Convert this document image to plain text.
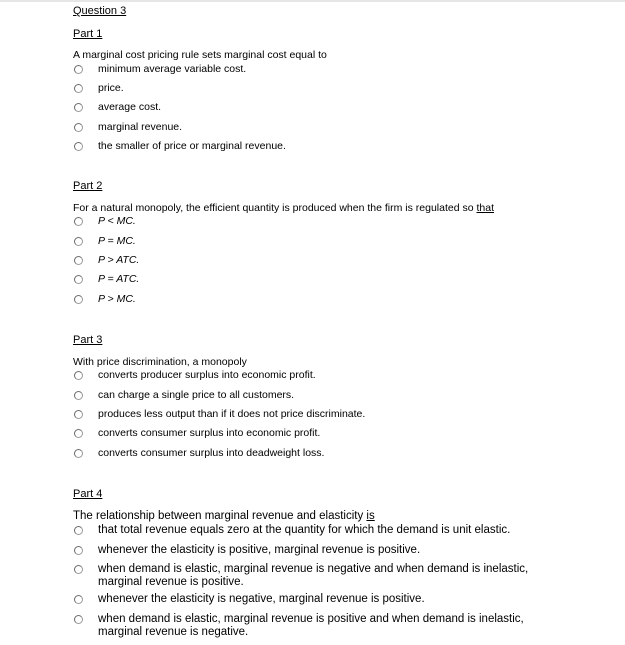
Question 3
Part 1
A marginal cost pricing rule sets marginal cost equal to
minimum average variable cost.
price.
average cost.
marginal revenue.
the smaller of price or marginal revenue.
Part 2
For a natural monopoly, the efficient quantity is produced when the firm is regulated so that
P < MC.
P = MC.
P > ATC.
P = ATC.
P > MC.
Part 3
With price discrimination, a monopoly
converts producer surplus into economic profit.
can charge a single price to all customers.
produces less output than if it does not price discriminate.
converts consumer surplus into economic profit.
converts consumer surplus into deadweight loss.
Part 4
The relationship between marginal revenue and elasticity is
that total revenue equals zero at the quantity for which the demand is unit elastic.
whenever the elasticity is positive, marginal revenue is positive.
when demand is elastic, marginal revenue is negative and when demand is inelastic, marginal revenue is positive.
whenever the elasticity is negative, marginal revenue is positive.
when demand is elastic, marginal revenue is positive and when demand is inelastic, marginal revenue is negative.
